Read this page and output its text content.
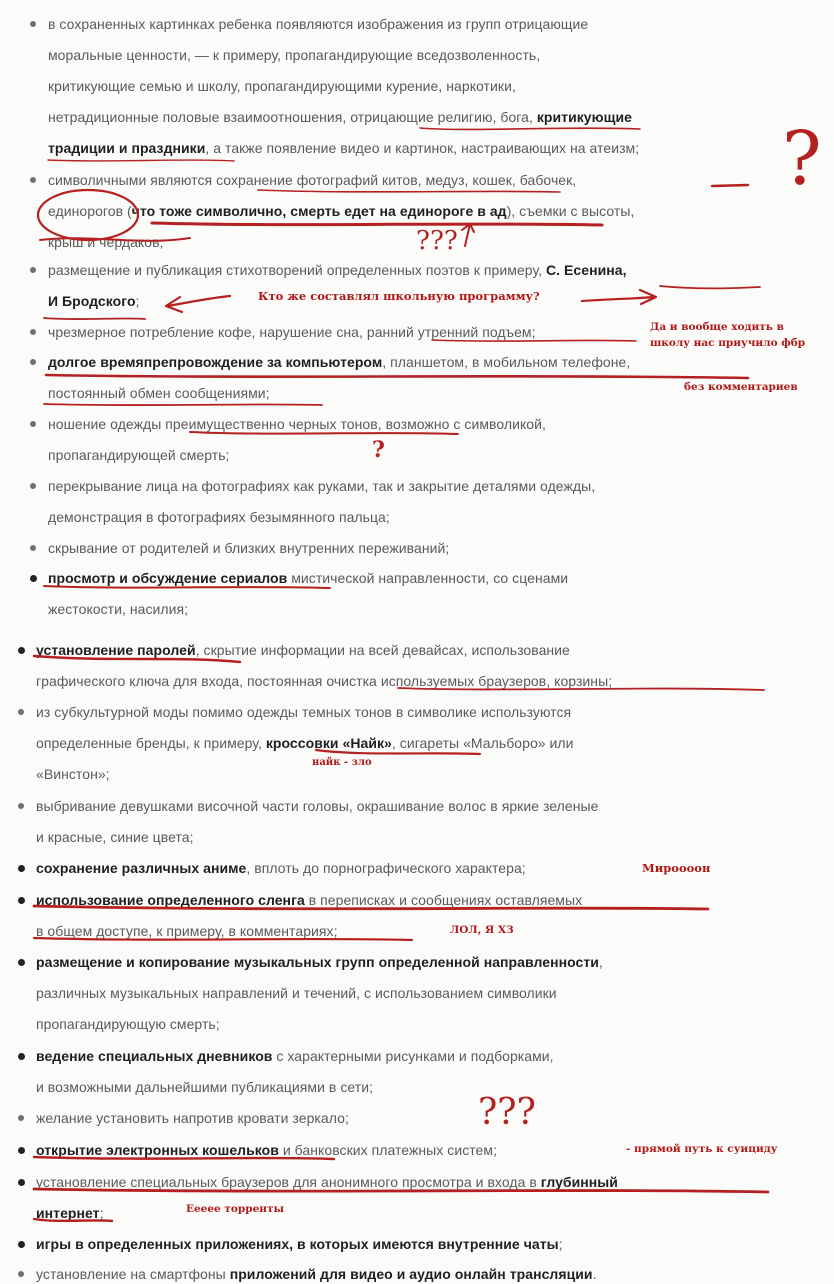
в сохраненных картинках ребенка появляются изображения из групп отрицающие
моральные ценности, — к примеру, пропагандирующие вседозволенность,
критикующие семью и школу, пропагандирующими курение, наркотики,
нетрадиционные половые взаимоотношения, отрицающие религию, бога, критикующие
традиции и праздники, а также появление видео и картинок, настраивающих на атеизм;
символичными являются сохранение фотографий китов, медуз, кошек, бабочек,
единорогов (что тоже символично, смерть едет на единороге в ад), съемки с высоты,
крыш и чердаков;
размещение и публикация стихотворений определенных поэтов к примеру, С. Есенина,
И Бродского;
чрезмерное потребление кофе, нарушение сна, ранний утренний подъем;
долгое времяпрепровождение за компьютером, планшетом, в мобильном телефоне,
постоянный обмен сообщениями;
ношение одежды преимущественно черных тонов, возможно с символикой,
пропагандирующей смерть;
перекрывание лица на фотографиях как руками, так и закрытие деталями одежды,
демонстрация в фотографиях безымянного пальца;
скрывание от родителей и близких внутренних переживаний;
просмотр и обсуждение сериалов мистической направленности, со сценами
жестокости, насилия;
установление паролей, скрытие информации на всей девайсах, использование
графического ключа для входа, постоянная очистка используемых браузеров, корзины;
из субкультурной моды помимо одежды темных тонов в символике используются
определенные бренды, к примеру, кроссовки «Найк», сигареты «Мальборо» или
«Винстон»;
выбривание девушками височной части головы, окрашивание волос в яркие зеленые
и красные, синие цвета;
сохранение различных аниме, вплоть до порнографического характера;
использование определенного сленга в переписках и сообщениях оставляемых
в общем доступе, к примеру, в комментариях;
размещение и копирование музыкальных групп определенной направленности,
различных музыкальных направлений и течений, с использованием символики
пропагандирующую смерть;
ведение специальных дневников с характерными рисунками и подборками,
и возможными дальнейшими публикациями в сети;
желание установить напротив кровати зеркало;
открытие электронных кошельков и банковских платежных систем;
установление специальных браузеров для анонимного просмотра и входа в глубинный
интернет;
игры в определенных приложениях, в которых имеются внутренние чаты;
установление на смартфоны приложений для видео и аудио онлайн трансляции.
Кто же составлял школьную программу?
Да и вообще ходить в
школу нас приучило фбр
без комментариев
найк - зло
Мироооон
ЛОЛ, Я ХЗ
- прямой путь к суициду
Ееееe торренты
???
?
???
?
